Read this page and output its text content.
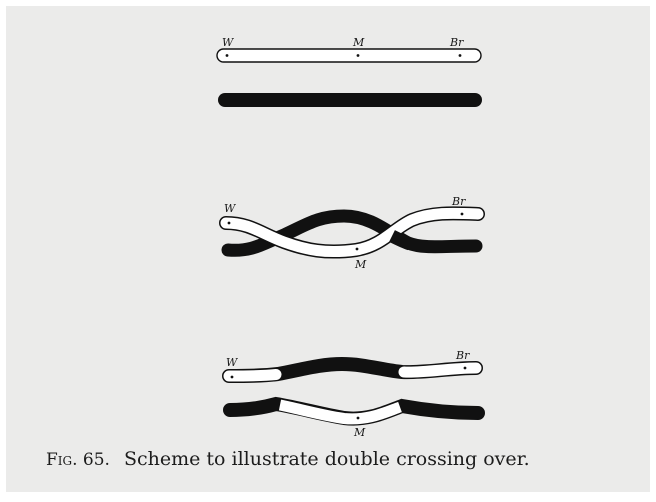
W	M	Br
W
M
Br
W
M
Br
Fig. 65. Scheme to illustrate double crossing over.
